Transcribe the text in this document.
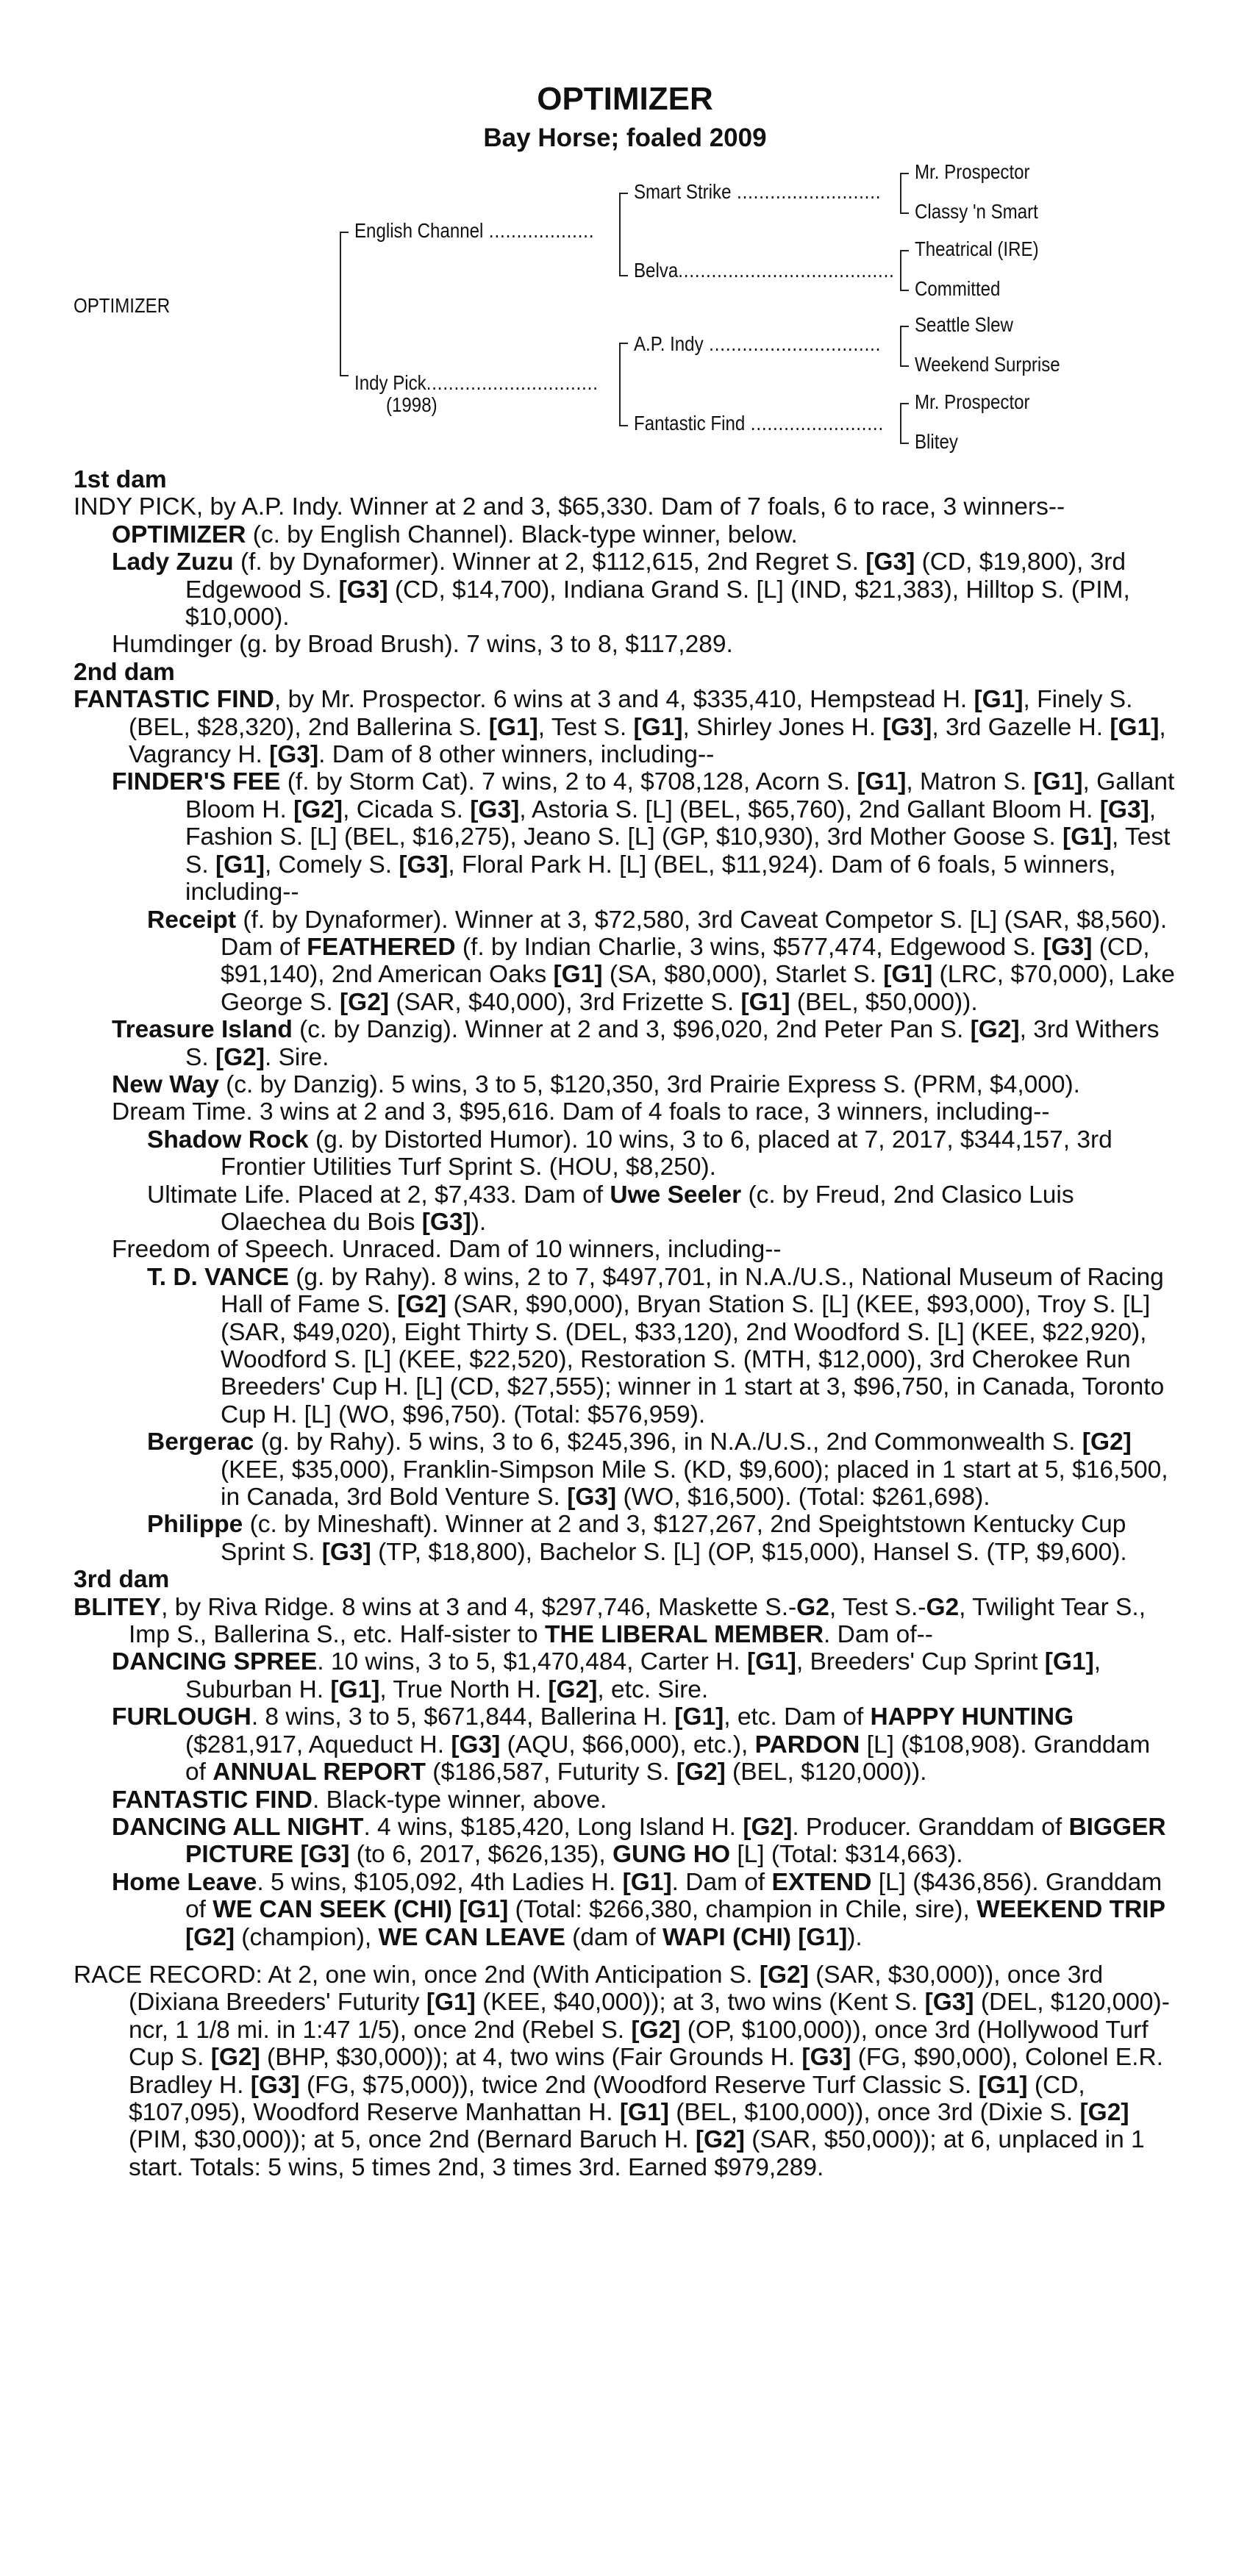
OPTIMIZER
Bay Horse; foaled 2009
OPTIMIZER
English Channel ...................
Indy Pick...............................
(1998)
Smart Strike ..........................
Belva.......................................
A.P. Indy ...............................
Fantastic Find ........................
Mr. Prospector
Classy 'n Smart
Theatrical (IRE)
Committed
Seattle Slew
Weekend Surprise
Mr. Prospector
Blitey
1st dam
INDY PICK, by A.P. Indy. Winner at 2 and 3, $65,330. Dam of 7 foals, 6 to race, 3 winners--
OPTIMIZER (c. by English Channel). Black-type winner, below.
Lady Zuzu (f. by Dynaformer). Winner at 2, $112,615, 2nd Regret S. [G3] (CD, $19,800), 3rd Edgewood S. [G3] (CD, $14,700), Indiana Grand S. [L] (IND, $21,383), Hilltop S. (PIM, $10,000).
Humdinger (g. by Broad Brush). 7 wins, 3 to 8, $117,289.
2nd dam
FANTASTIC FIND, by Mr. Prospector. 6 wins at 3 and 4, $335,410, Hempstead H. [G1], Finely S. (BEL, $28,320), 2nd Ballerina S. [G1], Test S. [G1], Shirley Jones H. [G3], 3rd Gazelle H. [G1], Vagrancy H. [G3]. Dam of 8 other winners, including--
FINDER'S FEE (f. by Storm Cat). 7 wins, 2 to 4, $708,128, Acorn S. [G1], Matron S. [G1], Gallant Bloom H. [G2], Cicada S. [G3], Astoria S. [L] (BEL, $65,760), 2nd Gallant Bloom H. [G3], Fashion S. [L] (BEL, $16,275), Jeano S. [L] (GP, $10,930), 3rd Mother Goose S. [G1], Test S. [G1], Comely S. [G3], Floral Park H. [L] (BEL, $11,924). Dam of 6 foals, 5 winners, including--
Receipt (f. by Dynaformer). Winner at 3, $72,580, 3rd Caveat Competor S. [L] (SAR, $8,560). Dam of FEATHERED (f. by Indian Charlie, 3 wins, $577,474, Edgewood S. [G3] (CD, $91,140), 2nd American Oaks [G1] (SA, $80,000), Starlet S. [G1] (LRC, $70,000), Lake George S. [G2] (SAR, $40,000), 3rd Frizette S. [G1] (BEL, $50,000)).
Treasure Island (c. by Danzig). Winner at 2 and 3, $96,020, 2nd Peter Pan S. [G2], 3rd Withers S. [G2]. Sire.
New Way (c. by Danzig). 5 wins, 3 to 5, $120,350, 3rd Prairie Express S. (PRM, $4,000).
Dream Time. 3 wins at 2 and 3, $95,616. Dam of 4 foals to race, 3 winners, including--
Shadow Rock (g. by Distorted Humor). 10 wins, 3 to 6, placed at 7, 2017, $344,157, 3rd Frontier Utilities Turf Sprint S. (HOU, $8,250).
Ultimate Life. Placed at 2, $7,433. Dam of Uwe Seeler (c. by Freud, 2nd Clasico Luis Olaechea du Bois [G3]).
Freedom of Speech. Unraced. Dam of 10 winners, including--
T. D. VANCE (g. by Rahy). 8 wins, 2 to 7, $497,701, in N.A./U.S., National Museum of Racing Hall of Fame S. [G2] (SAR, $90,000), Bryan Station S. [L] (KEE, $93,000), Troy S. [L] (SAR, $49,020), Eight Thirty S. (DEL, $33,120), 2nd Woodford S. [L] (KEE, $22,920), Woodford S. [L] (KEE, $22,520), Restoration S. (MTH, $12,000), 3rd Cherokee Run Breeders' Cup H. [L] (CD, $27,555); winner in 1 start at 3, $96,750, in Canada, Toronto Cup H. [L] (WO, $96,750). (Total: $576,959).
Bergerac (g. by Rahy). 5 wins, 3 to 6, $245,396, in N.A./U.S., 2nd Commonwealth S. [G2] (KEE, $35,000), Franklin-Simpson Mile S. (KD, $9,600); placed in 1 start at 5, $16,500, in Canada, 3rd Bold Venture S. [G3] (WO, $16,500). (Total: $261,698).
Philippe (c. by Mineshaft). Winner at 2 and 3, $127,267, 2nd Speightstown Kentucky Cup Sprint S. [G3] (TP, $18,800), Bachelor S. [L] (OP, $15,000), Hansel S. (TP, $9,600).
3rd dam
BLITEY, by Riva Ridge. 8 wins at 3 and 4, $297,746, Maskette S.-G2, Test S.-G2, Twilight Tear S., Imp S., Ballerina S., etc. Half-sister to THE LIBERAL MEMBER. Dam of--
DANCING SPREE. 10 wins, 3 to 5, $1,470,484, Carter H. [G1], Breeders' Cup Sprint [G1], Suburban H. [G1], True North H. [G2], etc. Sire.
FURLOUGH. 8 wins, 3 to 5, $671,844, Ballerina H. [G1], etc. Dam of HAPPY HUNTING ($281,917, Aqueduct H. [G3] (AQU, $66,000), etc.), PARDON [L] ($108,908). Granddam of ANNUAL REPORT ($186,587, Futurity S. [G2] (BEL, $120,000)).
FANTASTIC FIND. Black-type winner, above.
DANCING ALL NIGHT. 4 wins, $185,420, Long Island H. [G2]. Producer. Granddam of BIGGER PICTURE [G3] (to 6, 2017, $626,135), GUNG HO [L] (Total: $314,663).
Home Leave. 5 wins, $105,092, 4th Ladies H. [G1]. Dam of EXTEND [L] ($436,856). Granddam of WE CAN SEEK (CHI) [G1] (Total: $266,380, champion in Chile, sire), WEEKEND TRIP [G2] (champion), WE CAN LEAVE (dam of WAPI (CHI) [G1]).
RACE RECORD: At 2, one win, once 2nd (With Anticipation S. [G2] (SAR, $30,000)), once 3rd (Dixiana Breeders' Futurity [G1] (KEE, $40,000)); at 3, two wins (Kent S. [G3] (DEL, $120,000)-ncr, 1 1/8 mi. in 1:47 1/5), once 2nd (Rebel S. [G2] (OP, $100,000)), once 3rd (Hollywood Turf Cup S. [G2] (BHP, $30,000)); at 4, two wins (Fair Grounds H. [G3] (FG, $90,000), Colonel E.R. Bradley H. [G3] (FG, $75,000)), twice 2nd (Woodford Reserve Turf Classic S. [G1] (CD, $107,095), Woodford Reserve Manhattan H. [G1] (BEL, $100,000)), once 3rd (Dixie S. [G2] (PIM, $30,000)); at 5, once 2nd (Bernard Baruch H. [G2] (SAR, $50,000)); at 6, unplaced in 1 start. Totals: 5 wins, 5 times 2nd, 3 times 3rd. Earned $979,289.
